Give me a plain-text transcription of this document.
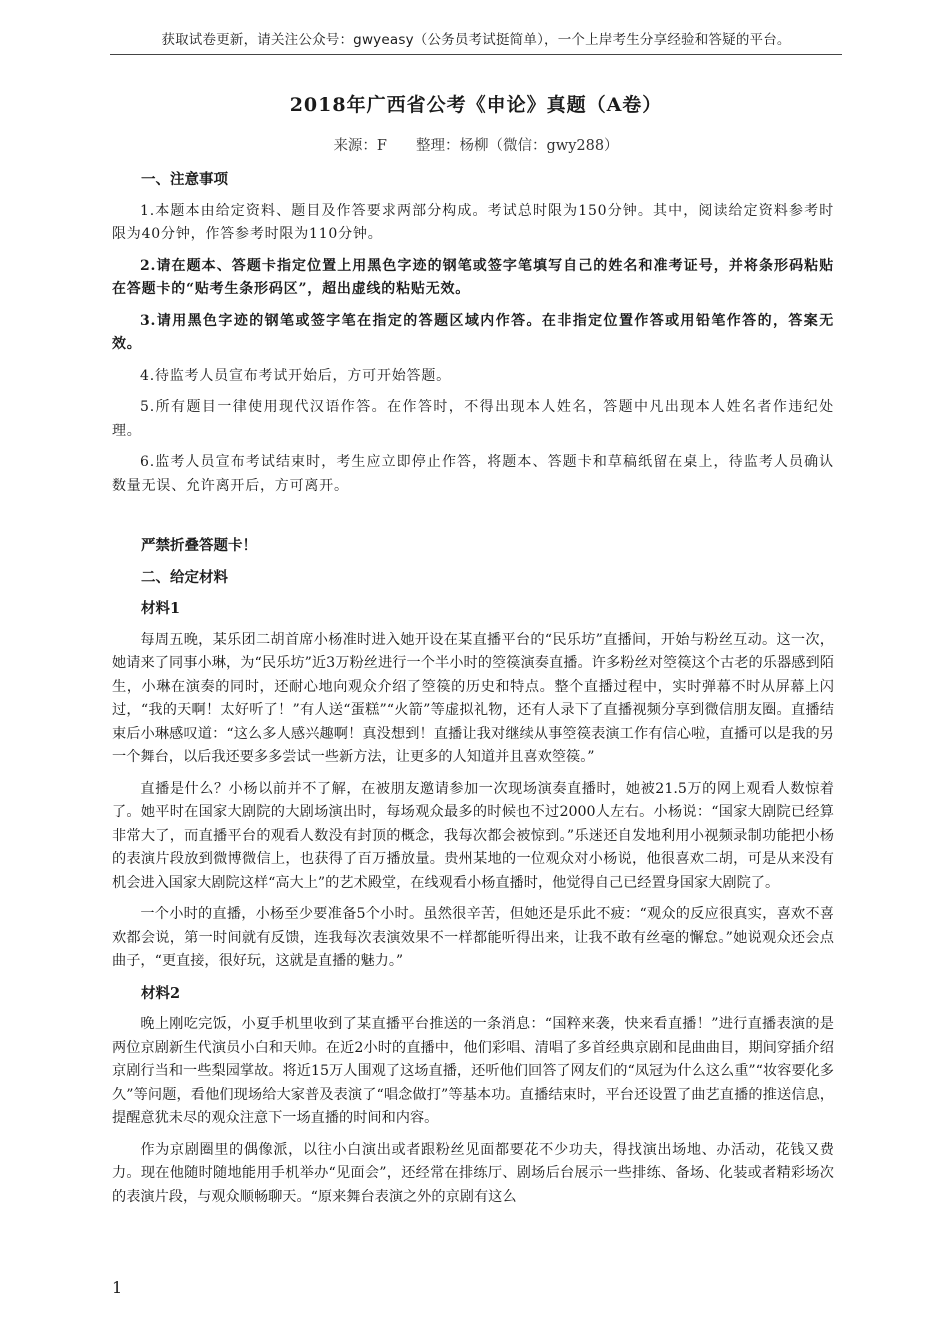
获取试卷更新，请关注公众号：gwyeasy（公务员考试挺简单），一个上岸考生分享经验和答疑的平台。
2018年广西省公考《申论》真题（A卷）
来源：F　　整理：杨柳（微信：gwy288）
一、注意事项

1.本题本由给定资料、题目及作答要求两部分构成。考试总时限为150分钟。其中，阅读给定资料参考时限为40分钟，作答参考时限为110分钟。

2.请在题本、答题卡指定位置上用黑色字迹的钢笔或签字笔填写自己的姓名和准考证号，并将条形码粘贴在答题卡的“贴考生条形码区”，超出虚线的粘贴无效。

3.请用黑色字迹的钢笔或签字笔在指定的答题区域内作答。在非指定位置作答或用铅笔作答的，答案无效。

4.待监考人员宣布考试开始后，方可开始答题。

5.所有题目一律使用现代汉语作答。在作答时，不得出现本人姓名，答题中凡出现本人姓名者作违纪处理。

6.监考人员宣布考试结束时，考生应立即停止作答，将题本、答题卡和草稿纸留在桌上，待监考人员确认数量无误、允许离开后，方可离开。

严禁折叠答题卡！
二、给定材料
材料1

每周五晚，某乐团二胡首席小杨准时进入她开设在某直播平台的“民乐坊”直播间，开始与粉丝互动。这一次，她请来了同事小琳，为“民乐坊”近3万粉丝进行一个半小时的箜篌演奏直播。许多粉丝对箜篌这个古老的乐器感到陌生，小琳在演奏的同时，还耐心地向观众介绍了箜篌的历史和特点。整个直播过程中，实时弹幕不时从屏幕上闪过，“我的天啊！太好听了！”有人送“蛋糕”“火箭”等虚拟礼物，还有人录下了直播视频分享到微信朋友圈。直播结束后小琳感叹道：“这么多人感兴趣啊！真没想到！直播让我对继续从事箜篌表演工作有信心啦，直播可以是我的另一个舞台，以后我还要多多尝试一些新方法，让更多的人知道并且喜欢箜篌。”

直播是什么？小杨以前并不了解，在被朋友邀请参加一次现场演奏直播时，她被21.5万的网上观看人数惊着了。她平时在国家大剧院的大剧场演出时，每场观众最多的时候也不过2000人左右。小杨说：“国家大剧院已经算非常大了，而直播平台的观看人数没有封顶的概念，我每次都会被惊到。”乐迷还自发地利用小视频录制功能把小杨的表演片段放到微博微信上，也获得了百万播放量。贵州某地的一位观众对小杨说，他很喜欢二胡，可是从来没有机会进入国家大剧院这样“高大上”的艺术殿堂，在线观看小杨直播时，他觉得自己已经置身国家大剧院了。

一个小时的直播，小杨至少要准备5个小时。虽然很辛苦，但她还是乐此不疲：“观众的反应很真实，喜欢不喜欢都会说，第一时间就有反馈，连我每次表演效果不一样都能听得出来，让我不敢有丝毫的懈怠。”她说观众还会点曲子，“更直接，很好玩，这就是直播的魅力。”

材料2

晚上刚吃完饭，小夏手机里收到了某直播平台推送的一条消息：“国粹来袭，快来看直播！”进行直播表演的是两位京剧新生代演员小白和天帅。在近2小时的直播中，他们彩唱、清唱了多首经典京剧和昆曲曲目，期间穿插介绍京剧行当和一些梨园掌故。将近15万人围观了这场直播，还听他们回答了网友们的“凤冠为什么这么重”“妆容要化多久”等问题，看他们现场给大家普及表演了“唱念做打”等基本功。直播结束时，平台还设置了曲艺直播的推送信息，提醒意犹未尽的观众注意下一场直播的时间和内容。

作为京剧圈里的偶像派，以往小白演出或者跟粉丝见面都要花不少功夫，得找演出场地、办活动，花钱又费力。现在他随时随地能用手机举办“见面会”，还经常在排练厅、剧场后台展示一些排练、备场、化装或者精彩场次的表演片段，与观众顺畅聊天。“原来舞台表演之外的京剧有这么

1
